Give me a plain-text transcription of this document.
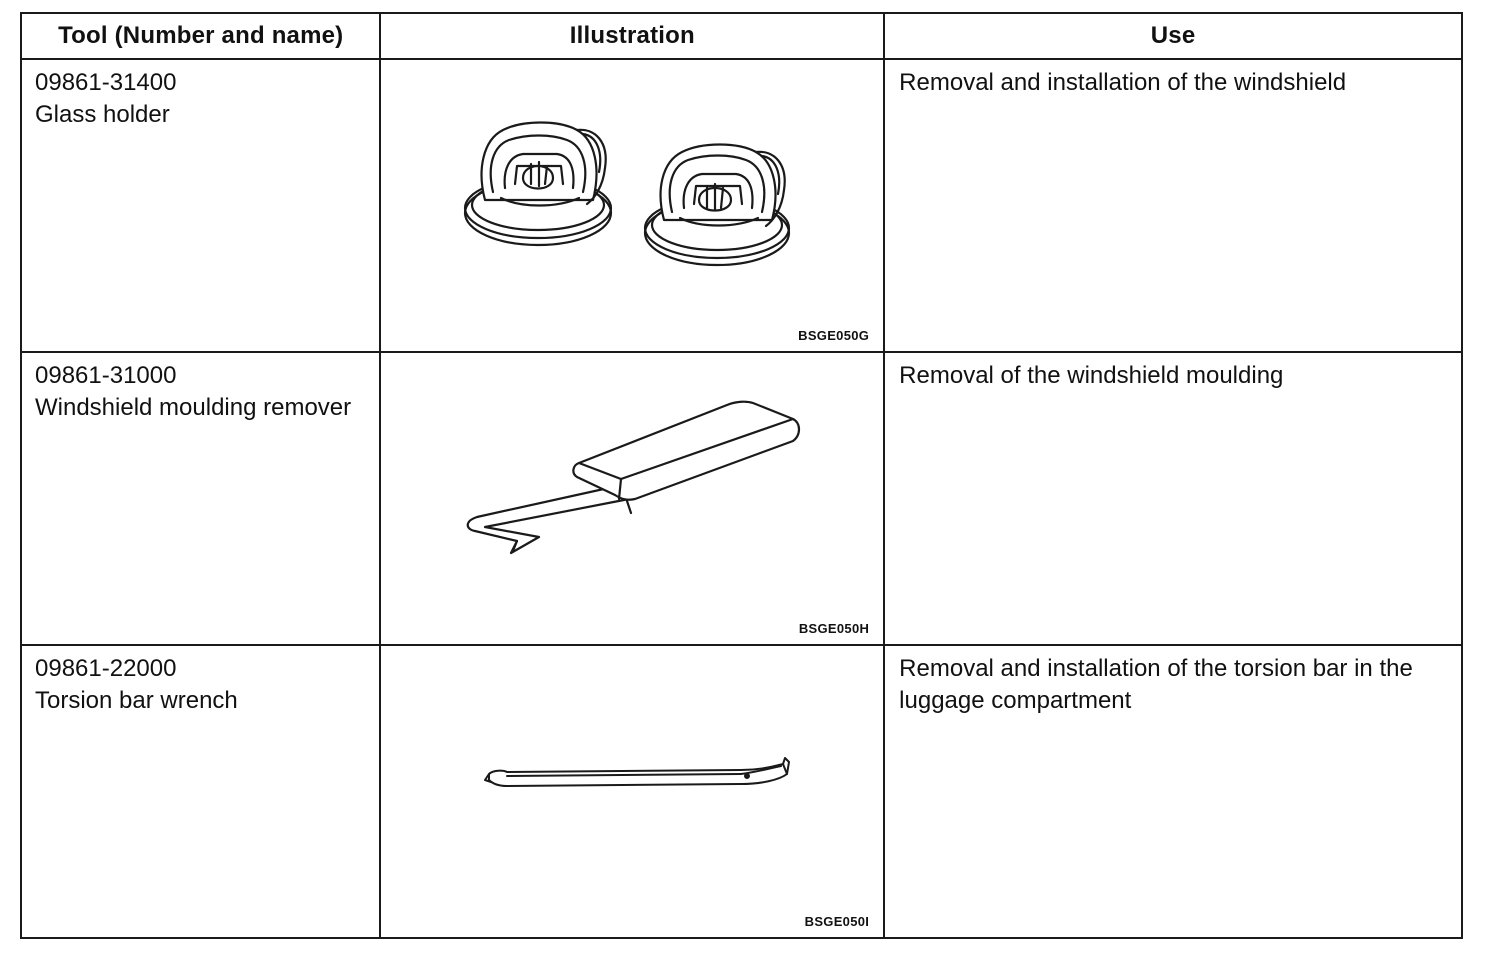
Tool (Number and name)	Illustration	Use

09861-31400
Glass holder	BSGE050G	Removal and installation of the windshield

09861-31000
Windshield moulding remover	BSGE050H	Removal of the windshield moulding

09861-22000
Torsion bar wrench	BSGE050I	Removal and installation of the torsion bar in the luggage compartment
